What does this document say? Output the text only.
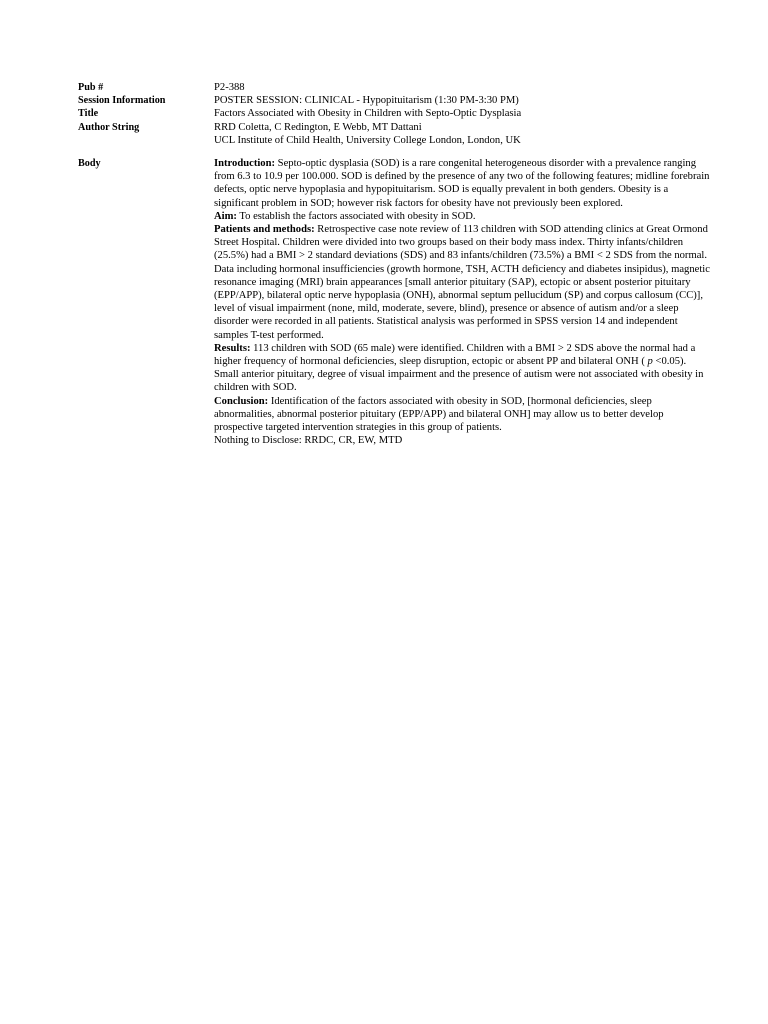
Pub #	P2-388
Session Information	POSTER SESSION: CLINICAL - Hypopituitarism (1:30 PM-3:30 PM)
Title	Factors Associated with Obesity in Children with Septo-Optic Dysplasia
Author String	RRD Coletta, C Redington, E Webb, MT Dattani
UCL Institute of Child Health, University College London, London, UK
Body	Introduction: Septo-optic dysplasia (SOD) is a rare congenital heterogeneous disorder with a prevalence ranging from 6.3 to 10.9 per 100.000. SOD is defined by the presence of any two of the following features; midline forebrain defects, optic nerve hypoplasia and hypopituitarism. SOD is equally prevalent in both genders. Obesity is a significant problem in SOD; however risk factors for obesity have not previously been explored.

Aim: To establish the factors associated with obesity in SOD.

Patients and methods: Retrospective case note review of 113 children with SOD attending clinics at Great Ormond Street Hospital. Children were divided into two groups based on their body mass index. Thirty infants/children (25.5%) had a BMI > 2 standard deviations (SDS) and 83 infants/children (73.5%) a BMI < 2 SDS from the normal. Data including hormonal insufficiencies (growth hormone, TSH, ACTH deficiency and diabetes insipidus), magnetic resonance imaging (MRI) brain appearances [small anterior pituitary (SAP), ectopic or absent posterior pituitary (EPP/APP), bilateral optic nerve hypoplasia (ONH), abnormal septum pellucidum (SP) and corpus callosum (CC)], level of visual impairment (none, mild, moderate, severe, blind), presence or absence of autism and/or a sleep disorder were recorded in all patients. Statistical analysis was performed in SPSS version 14 and independent samples T-test performed.

Results: 113 children with SOD (65 male) were identified. Children with a BMI > 2 SDS above the normal had a higher frequency of hormonal deficiencies, sleep disruption, ectopic or absent PP and bilateral ONH ( p <0.05). Small anterior pituitary, degree of visual impairment and the presence of autism were not associated with obesity in children with SOD.

Conclusion: Identification of the factors associated with obesity in SOD, [hormonal deficiencies, sleep abnormalities, abnormal posterior pituitary (EPP/APP) and bilateral ONH] may allow us to better develop prospective targeted intervention strategies in this group of patients.

Nothing to Disclose: RRDC, CR, EW, MTD
